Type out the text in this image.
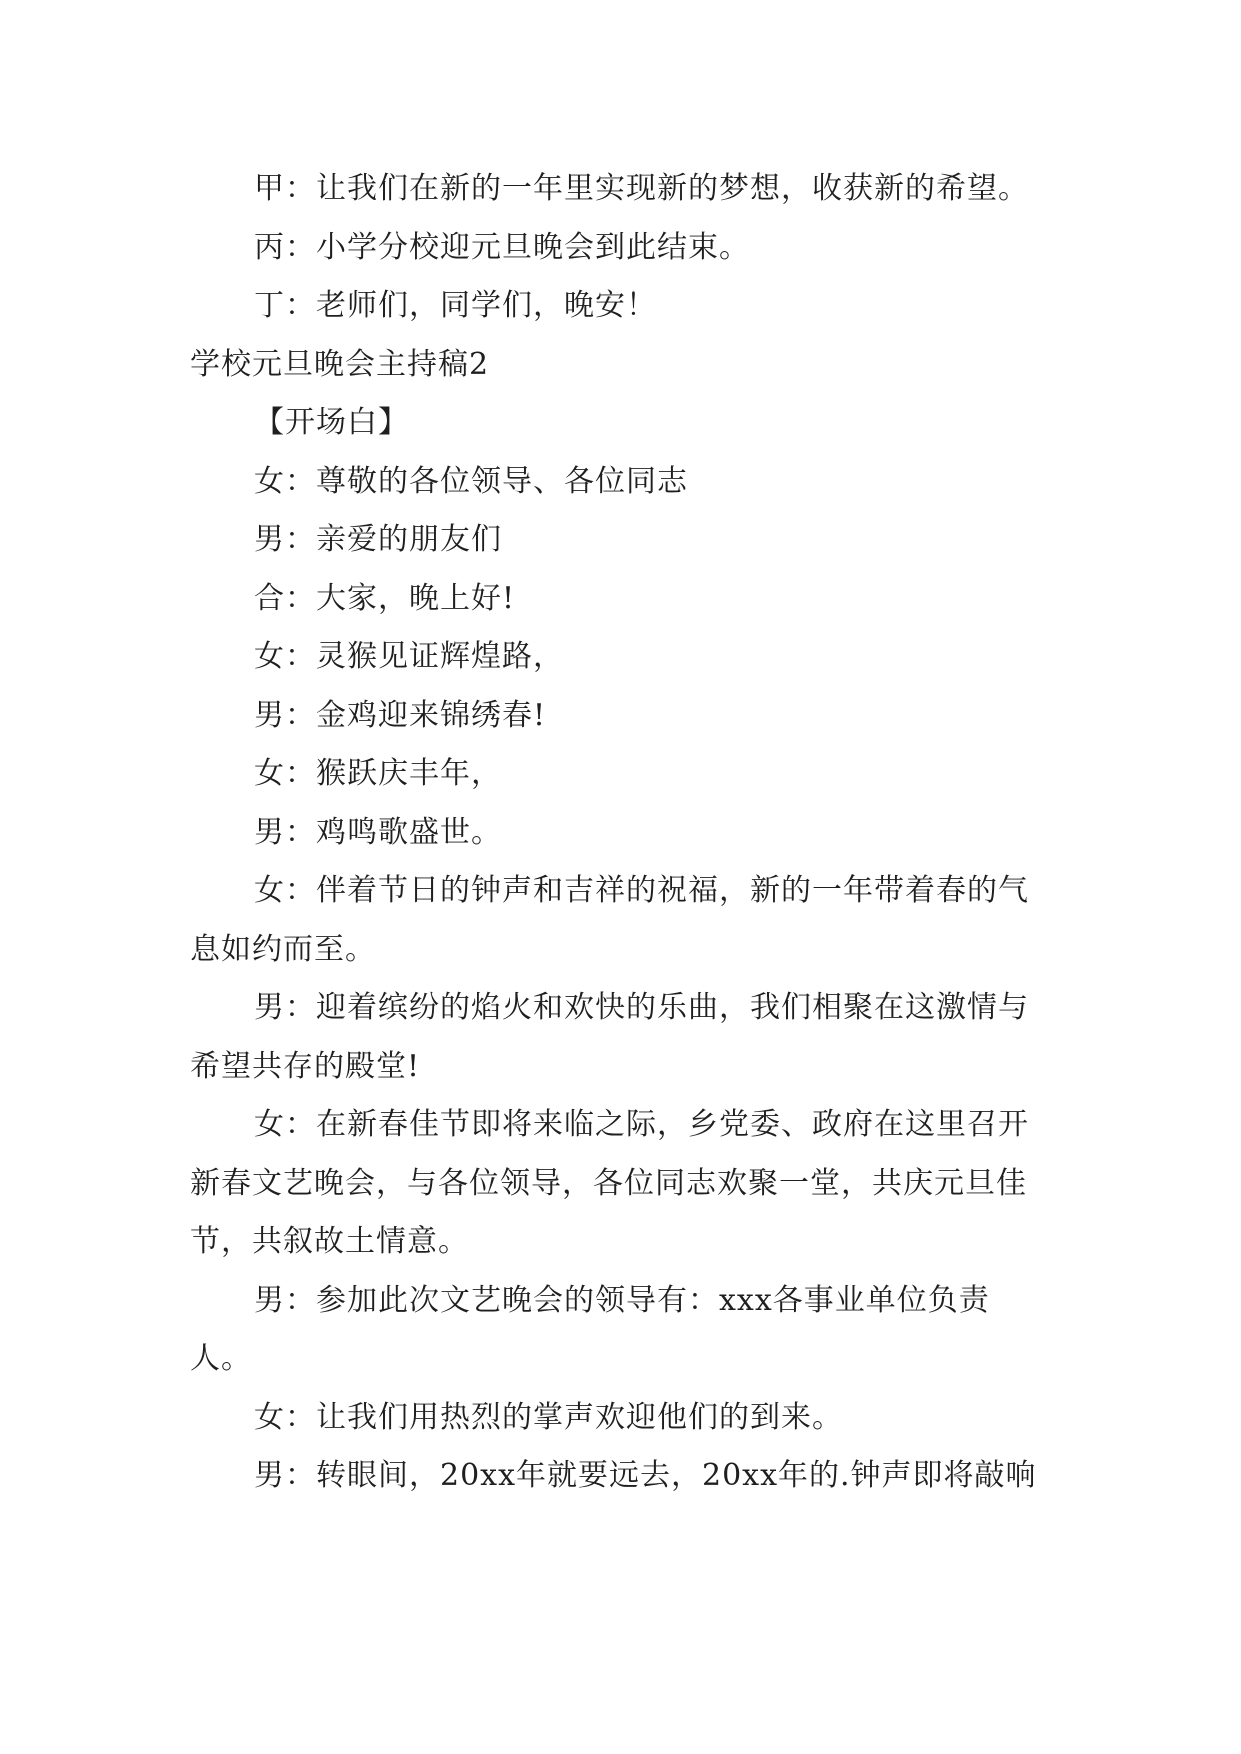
甲：让我们在新的一年里实现新的梦想，收获新的希望。

丙：小学分校迎元旦晚会到此结束。

丁：老师们，同学们，晚安！

学校元旦晚会主持稿2

【开场白】

女：尊敬的各位领导、各位同志

男：亲爱的朋友们

合：大家，晚上好!

女：灵猴见证辉煌路，

男：金鸡迎来锦绣春!

女：猴跃庆丰年，

男：鸡鸣歌盛世。

女：伴着节日的钟声和吉祥的祝福，新的一年带着春的气息如约而至。

男：迎着缤纷的焰火和欢快的乐曲，我们相聚在这激情与希望共存的殿堂!

女：在新春佳节即将来临之际，乡党委、政府在这里召开新春文艺晚会，与各位领导，各位同志欢聚一堂，共庆元旦佳节，共叙故土情意。

男：参加此次文艺晚会的领导有：xxx各事业单位负责人。

女：让我们用热烈的掌声欢迎他们的到来。

男：转眼间，20xx年就要远去，20xx年的.钟声即将敲响
